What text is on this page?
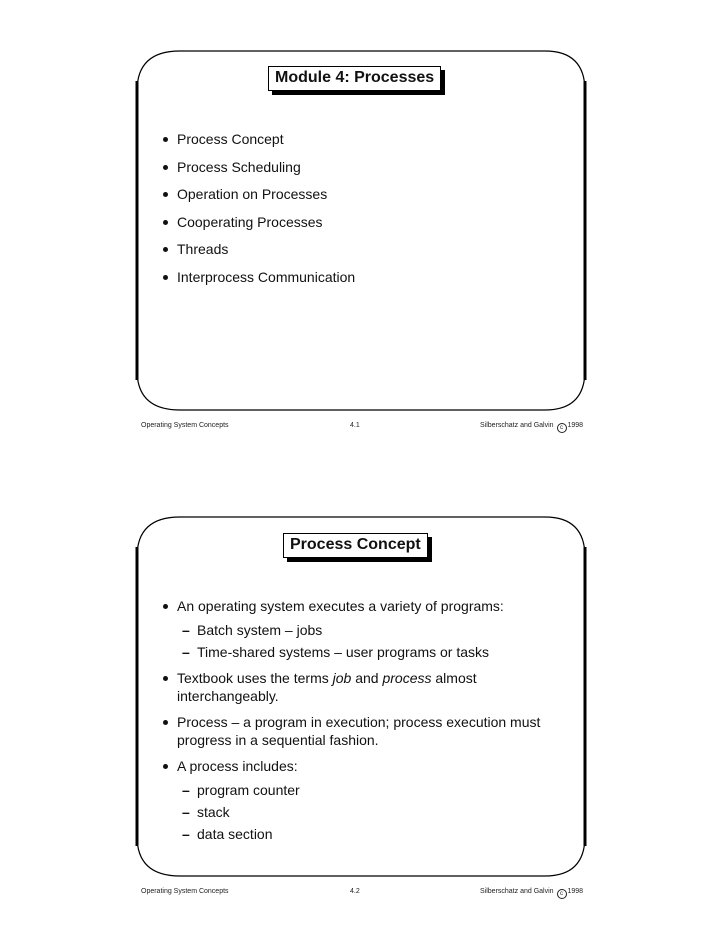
Module 4: Processes
Process Concept
Process Scheduling
Operation on Processes
Cooperating Processes
Threads
Interprocess Communication
Operating System Concepts	4.1	Silberschatz and Galvin c 1998
Process Concept
An operating system executes a variety of programs:
– Batch system – jobs
– Time-shared systems – user programs or tasks
Textbook uses the terms job and process almost interchangeably.
Process – a program in execution; process execution must progress in a sequential fashion.
A process includes:
– program counter
– stack
– data section
Operating System Concepts	4.2	Silberschatz and Galvin c 1998
